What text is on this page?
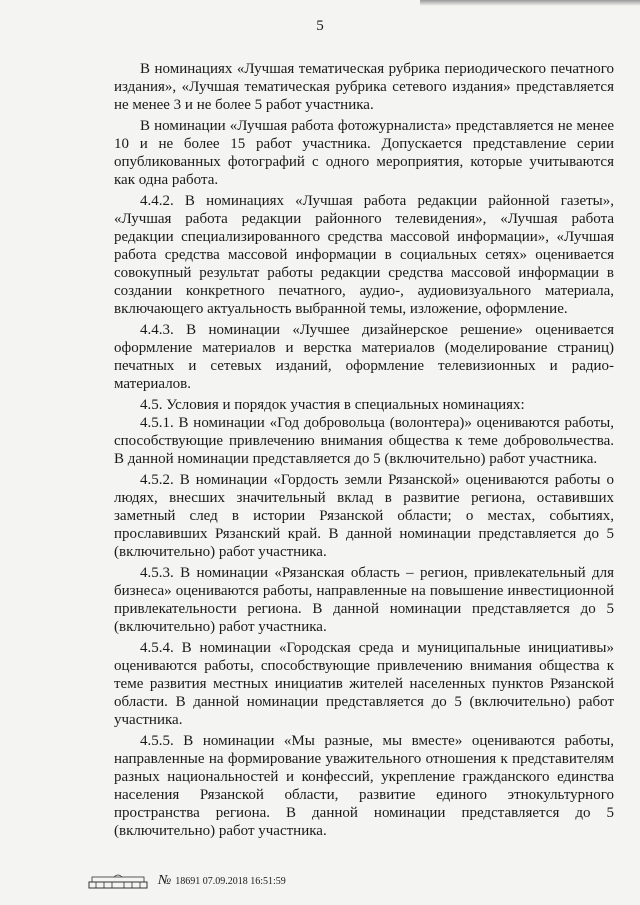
5

В номинациях «Лучшая тематическая рубрика периодического печатного издания», «Лучшая тематическая рубрика сетевого издания» представляется не менее 3 и не более 5 работ участника.

В номинации «Лучшая работа фотожурналиста» представляется не менее 10 и не более 15 работ участника. Допускается представление серии опубликованных фотографий с одного мероприятия, которые учитываются как одна работа.

4.4.2. В номинациях «Лучшая работа редакции районной газеты», «Лучшая работа редакции районного телевидения», «Лучшая работа редакции специализированного средства массовой информации», «Лучшая работа средства массовой информации в социальных сетях» оценивается совокупный результат работы редакции средства массовой информации в создании конкретного печатного, аудио-, аудиовизуального материала, включающего актуальность выбранной темы, изложение, оформление.

4.4.3. В номинации «Лучшее дизайнерское решение» оценивается оформление материалов и верстка материалов (моделирование страниц) печатных и сетевых изданий, оформление телевизионных и радио-материалов.

4.5. Условия и порядок участия в специальных номинациях:

4.5.1. В номинации «Год добровольца (волонтера)» оцениваются работы, способствующие привлечению внимания общества к теме добровольчества. В данной номинации представляется до 5 (включительно) работ участника.

4.5.2. В номинации «Гордость земли Рязанской» оцениваются работы о людях, внесших значительный вклад в развитие региона, оставивших заметный след в истории Рязанской области; о местах, событиях, прославивших Рязанский край. В данной номинации представляется до 5 (включительно) работ участника.

4.5.3. В номинации «Рязанская область – регион, привлекательный для бизнеса» оцениваются работы, направленные на повышение инвестиционной привлекательности региона. В данной номинации представляется до 5 (включительно) работ участника.

4.5.4. В номинации «Городская среда и муниципальные инициативы» оцениваются работы, способствующие привлечению внимания общества к теме развития местных инициатив жителей населенных пунктов Рязанской области. В данной номинации представляется до 5 (включительно) работ участника.

4.5.5. В номинации «Мы разные, мы вместе» оцениваются работы, направленные на формирование уважительного отношения к представителям разных национальностей и конфессий, укрепление гражданского единства населения Рязанской области, развитие единого этнокультурного пространства региона. В данной номинации представляется до 5 (включительно) работ участника.

№ 18691 07.09.2018 16:51:59
